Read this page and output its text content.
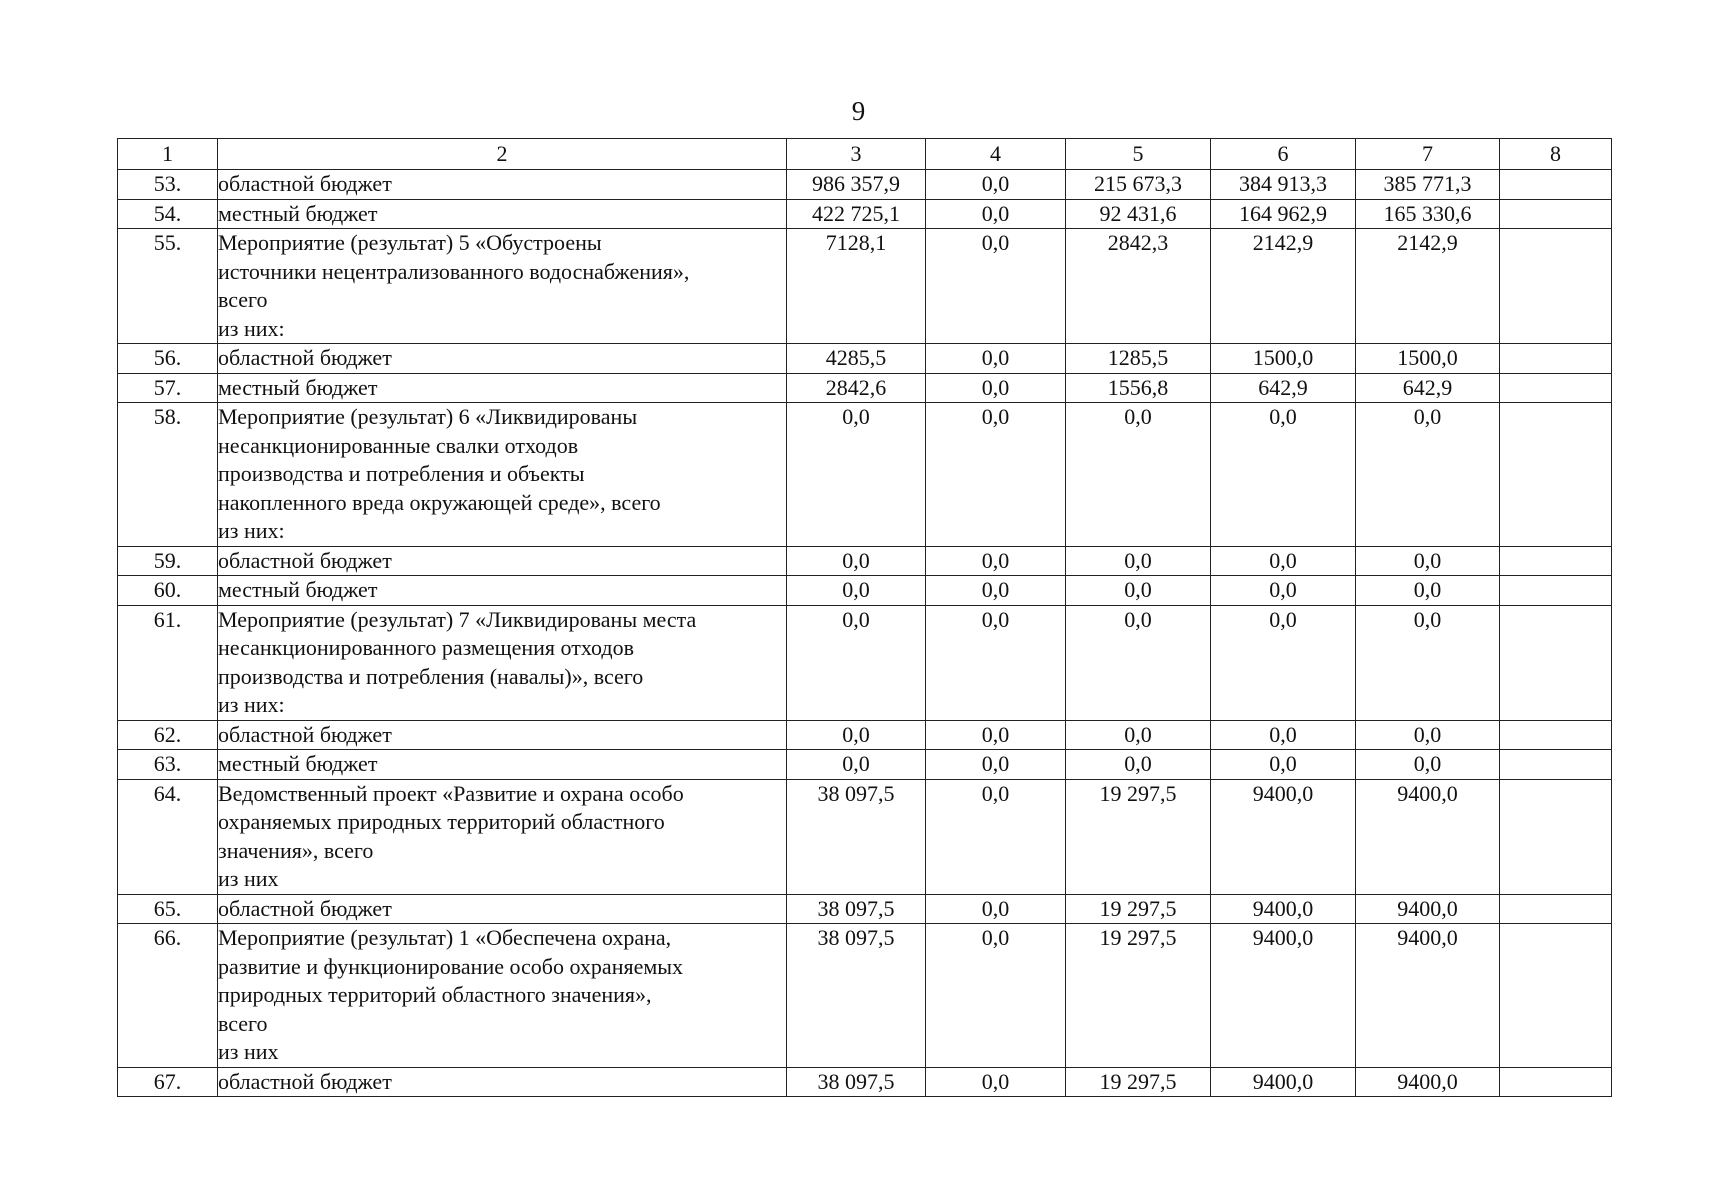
9
1	2	3	4	5	6	7	8
53.	областной бюджет	986 357,9	0,0	215 673,3	384 913,3	385 771,3	
54.	местный бюджет	422 725,1	0,0	92 431,6	164 962,9	165 330,6	
55.	Мероприятие (результат) 5 «Обустроены
источники нецентрализованного водоснабжения»,
всего
из них:	7128,1	0,0	2842,3	2142,9	2142,9	
56.	областной бюджет	4285,5	0,0	1285,5	1500,0	1500,0	
57.	местный бюджет	2842,6	0,0	1556,8	642,9	642,9	
58.	Мероприятие (результат) 6 «Ликвидированы
несанкционированные свалки отходов
производства и потребления и объекты
накопленного вреда окружающей среде», всего
из них:	0,0	0,0	0,0	0,0	0,0	
59.	областной бюджет	0,0	0,0	0,0	0,0	0,0	
60.	местный бюджет	0,0	0,0	0,0	0,0	0,0	
61.	Мероприятие (результат) 7 «Ликвидированы места
несанкционированного размещения отходов
производства и потребления (навалы)», всего
из них:	0,0	0,0	0,0	0,0	0,0	
62.	областной бюджет	0,0	0,0	0,0	0,0	0,0	
63.	местный бюджет	0,0	0,0	0,0	0,0	0,0	
64.	Ведомственный проект «Развитие и охрана особо
охраняемых природных территорий областного
значения», всего
из них	38 097,5	0,0	19 297,5	9400,0	9400,0	
65.	областной бюджет	38 097,5	0,0	19 297,5	9400,0	9400,0	
66.	Мероприятие (результат) 1 «Обеспечена охрана,
развитие и функционирование особо охраняемых
природных территорий областного значения»,
всего
из них	38 097,5	0,0	19 297,5	9400,0	9400,0	
67.	областной бюджет	38 097,5	0,0	19 297,5	9400,0	9400,0	
